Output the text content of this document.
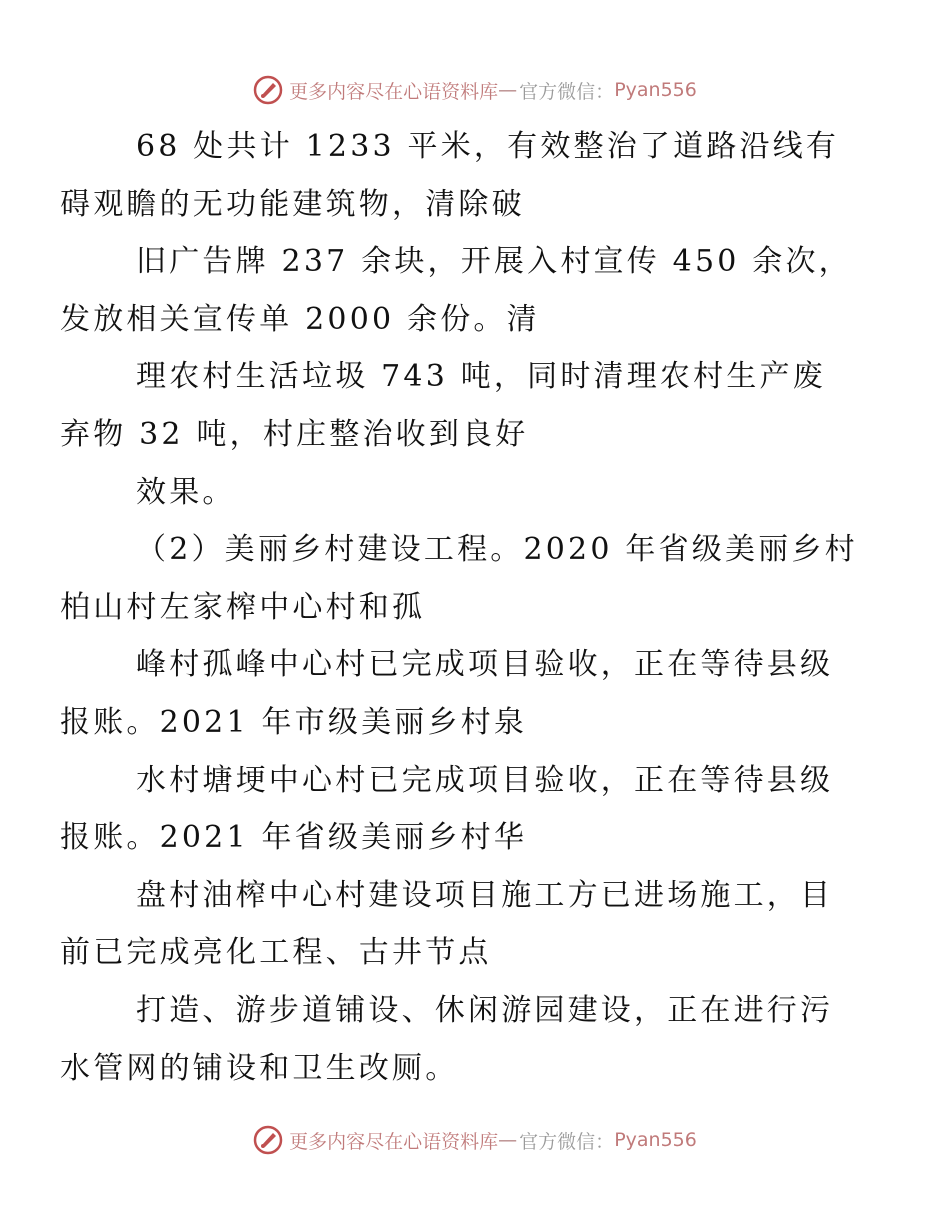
更多内容尽在心语资料库 — 官方微信： Pyan556

68 处共计 1233 平米，有效整治了道路沿线有
碍观瞻的无功能建筑物，清除破

旧广告牌 237 余块，开展入村宣传 450 余次，
发放相关宣传单 2000 余份。清

理农村生活垃圾 743 吨，同时清理农村生产废
弃物 32 吨，村庄整治收到良好

效果。

（2）美丽乡村建设工程。2020 年省级美丽乡村
柏山村左家榨中心村和孤

峰村孤峰中心村已完成项目验收，正在等待县级
报账。2021 年市级美丽乡村泉

水村塘埂中心村已完成项目验收，正在等待县级
报账。2021 年省级美丽乡村华

盘村油榨中心村建设项目施工方已进场施工，目
前已完成亮化工程、古井节点

打造、游步道铺设、休闲游园建设，正在进行污
水管网的铺设和卫生改厕。

更多内容尽在心语资料库 — 官方微信： Pyan556
